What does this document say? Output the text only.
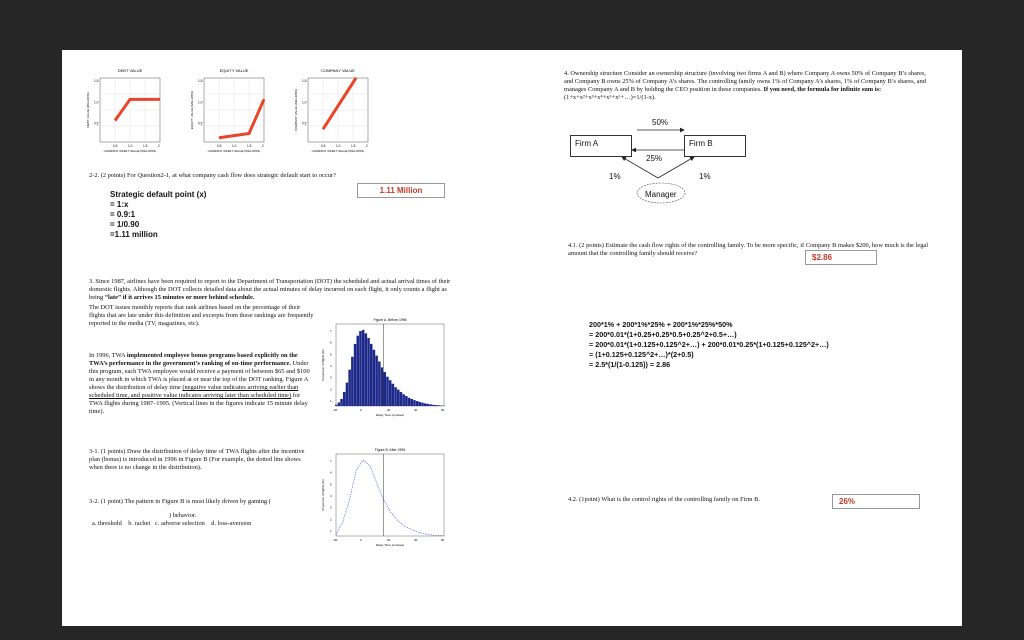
DEBT VALUE
1.5
1.0
0.5
0.5	1.0	1.5	2
COMPANY ASSET VALUE (MILLIONS)
DEBT VALUE (MILLIONS)
EQUITY VALUE
1.5
1.0
0.5
0.5	1.0	1.5	2
COMPANY ASSET VALUE (MILLIONS)
EQUITY VALUE (MILLIONS)
COMPANY VALUE
1.5
1.0
0.5
0.5	1.0	1.5	2
COMPANY ASSET VALUE (MILLIONS)
COMPANY VALUE (MILLIONS)
2-2. (2 points) For Question2-1, at what company cash flow does strategic default start to occur?
1.11 Million
Strategic default point (x)
= 1:x
= 0.9:1
= 1/0.90
=1.11 million
3. Since 1987, airlines have been required to report to the Department of Transportation (DOT) the scheduled and actual arrival times of their domestic flights. Although the DOT collects detailed data about the actual minutes of delay incurred on each flight, it only counts a flight as being “late” if it arrives 15 minutes or more behind schedule.
The DOT issues monthly reports that rank airlines based on the percentage of their flights that are late under this definition and excerpts from these rankings are frequently reported in the media (TV, magazines, etc).
In 1996, TWA implemented employee bonus programs based explicitly on the TWA’s performance in the government’s ranking of on-time performance. Under this program, each TWA employee would receive a payment of between $65 and $100 in any month in which TWA is placed at or near the top of the DOT ranking. Figure A shows the distribution of delay time (negative value indicates arriving earlier than scheduled time, and positive value indicates arriving later than scheduled time) for TWA flights during 1987–1995. (Vertical lines in the figures indicate 15 minute delay time).
Figure A. Before 1996
7
6
5
4
3
2
1
-20	0	20	40	60
Delay Time (minutes)
Proportion of flights (%)
3-1. (1 points) Draw the distribution of delay time of TWA flights after the incentive plan (bonus) is introduced in 1996 in Figure B (For example, the dotted line shows when there is no change in the distribution).
Figure B. After 1996
7
6
5
4
3
2
1
-20	0	20	40	60
Delay Time (minutes)
Proportion of flights (%)
3-2. (1 point) The pattern in Figure B is most likely driven by gaming (
) behavior.
a. threshold b. rachet c. adverse selection d. loss-aversion
4. Ownership structure Consider an ownership structure (involving two firms A and B) where Company A owns 50% of Company B’s shares, and Company B owns 25% of Company A’s shares. The controlling family owns 1% of Company A’s shares, 1% of Company B’s shares, and manages Company A and B by holding the CEO position in these companies. If you need, the formula for infinite sum is: (1+x+x²+x³+x⁴+x⁵+x⁶+…)=1/(1-x).
Firm A	Firm B
50%
25%
1%	1%
Manager
4.1. (2 points) Estimate the cash flow rights of the controlling family. To be more specific, if Company B makes $200, how much is the legal amount that the controlling family should receive?	$2.86
200*1% + 200*1%*25% + 200*1%*25%*50%
= 200*0.01*(1+0.25+0.25*0.5+0.25^2+0.5+…)
= 200*0.01*(1+0.125+0.125^2+…) + 200*0.01*0.25*(1+0.125+0.125^2+…)
= (1+0.125+0.125^2+…)*(2+0.5)
= 2.5*(1/(1-0.125)) = 2.86
4.2. (1point) What is the control rights of the controlling family on Firm B.	26%
